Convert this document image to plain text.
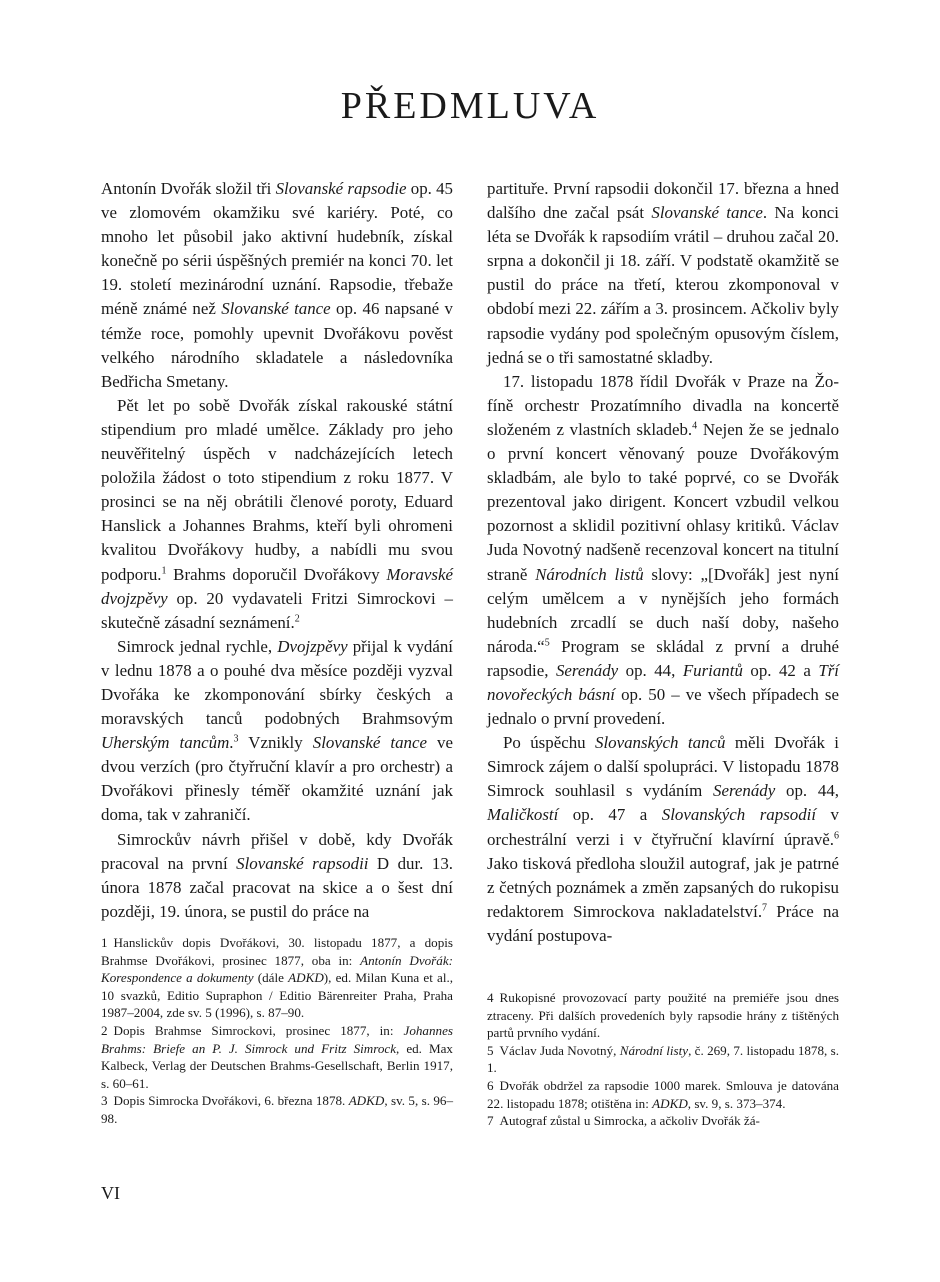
PŘEDMLUVA

Antonín Dvořák složil tři Slovanské rapsodie op. 45 ve zlomovém okamžiku své kariéry. Poté, co mnoho let působil jako aktivní hudebník, získal konečně po sérii úspěšných premiér na konci 70. let 19. století mezinárodní uznání. Rapsodie, třebaže méně známé než Slovanské tance op. 46 napsané v témže roce, pomohly upevnit Dvořákovu pověst velkého národního skladatele a následovníka Bedřicha Smetany.

Pět let po sobě Dvořák získal rakouské státní stipendium pro mladé umělce. Základy pro jeho neuvěřitelný úspěch v nadcházejících letech položila žádost o toto stipendium z roku 1877. V prosinci se na něj obrátili členové poroty, Eduard Hanslick a Johannes Brahms, kteří byli ohromeni kvalitou Dvořákovy hudby, a nabídli mu svou podporu.$^1$ Brahms doporučil Dvořákovy Moravské dvojzpěvy op. 20 vydavateli Fritzi Simrockovi – skutečně zásadní seznámení.$^2$

Simrock jednal rychle, Dvojzpěvy přijal k vydání v lednu 1878 a o pouhé dva měsíce později vyzval Dvořáka ke zkomponování sbírky českých a moravských tanců podobných Brahmsovým Uherským tancům.$^3$ Vznikly Slovanské tance ve dvou verzích (pro čtyřruční klavír a pro orchestr) a Dvořákovi přinesly téměř okamžité uznání jak doma, tak v zahraničí.

Simrockův návrh přišel v době, kdy Dvořák pracoval na první Slovanské rapsodii D dur. 13. února 1878 začal pracovat na skice a o šest dní později, 19. února, se pustil do práce na

partituře. První rapsodii dokončil 17. března a hned dalšího dne začal psát Slovanské tance. Na konci léta se Dvořák k rapsodiím vrátil – druhou začal 20. srpna a dokončil ji 18. září. V podstatě okamžitě se pustil do práce na třetí, kterou zkomponoval v období mezi 22. zářím a 3. prosincem. Ačkoliv byly rapsodie vydány pod společným opusovým číslem, jedná se o tři samostatné skladby.

17. listopadu 1878 řídil Dvořák v Praze na Žofíně orchestr Prozatímního divadla na koncertě složeném z vlastních skladeb.$^4$ Nejen že se jednalo o první koncert věnovaný pouze Dvořákovým skladbám, ale bylo to také poprvé, co se Dvořák prezentoval jako dirigent. Koncert vzbudil velkou pozornost a sklidil pozitivní ohlasy kritiků. Václav Juda Novotný nadšeně recenzoval koncert na titulní straně Národních listů slovy: „[Dvořák] jest nyní celým umělcem a v nynějších jeho formách hudebních zrcadlí se duch naší doby, našeho národa.“$^5$ Program se skládal z první a druhé rapsodie, Serenády op. 44, Furiantů op. 42 a Tří novořeckých básní op. 50 – ve všech případech se jednalo o první provedení.

Po úspěchu Slovanských tanců měli Dvořák i Simrock zájem o další spolupráci. V listopadu 1878 Simrock souhlasil s vydáním Serenády op. 44, Maličkostí op. 47 a Slovanských rapsodií v orchestrální verzi i v čtyřruční klavírní úpravě.$^6$ Jako tisková předloha sloužil autograf, jak je patrné z četných poznámek a změn zapsaných do rukopisu redaktorem Simrockova nakladatelství.$^7$ Práce na vydání postupova-

1 Hanslickův dopis Dvořákovi, 30. listopadu 1877, a dopis Brahmse Dvořákovi, prosinec 1877, oba in: Antonín Dvořák: Korespondence a dokumenty (dále ADKD), ed. Milan Kuna et al., 10 svazků, Editio Supraphon / Editio Bärenreiter Praha, Praha 1987–2004, zde sv. 5 (1996), s. 87–90.

2 Dopis Brahmse Simrockovi, prosinec 1877, in: Johannes Brahms: Briefe an P. J. Simrock und Fritz Simrock, ed. Max Kalbeck, Verlag der Deutschen Brahms-Gesellschaft, Berlin 1917, s. 60–61.

3 Dopis Simrocka Dvořákovi, 6. března 1878. ADKD, sv. 5, s. 96–98.

4 Rukopisné provozovací party použité na premiéře jsou dnes ztraceny. Při dalších provedeních byly rapsodie hrány z tištěných partů prvního vydání.

5 Václav Juda Novotný, Národní listy, č. 269, 7. listopadu 1878, s. 1.

6 Dvořák obdržel za rapsodie 1000 marek. Smlouva je datována 22. listopadu 1878; otištěna in: ADKD, sv. 9, s. 373–374.

7 Autograf zůstal u Simrocka, a ačkoliv Dvořák žá-

VI
